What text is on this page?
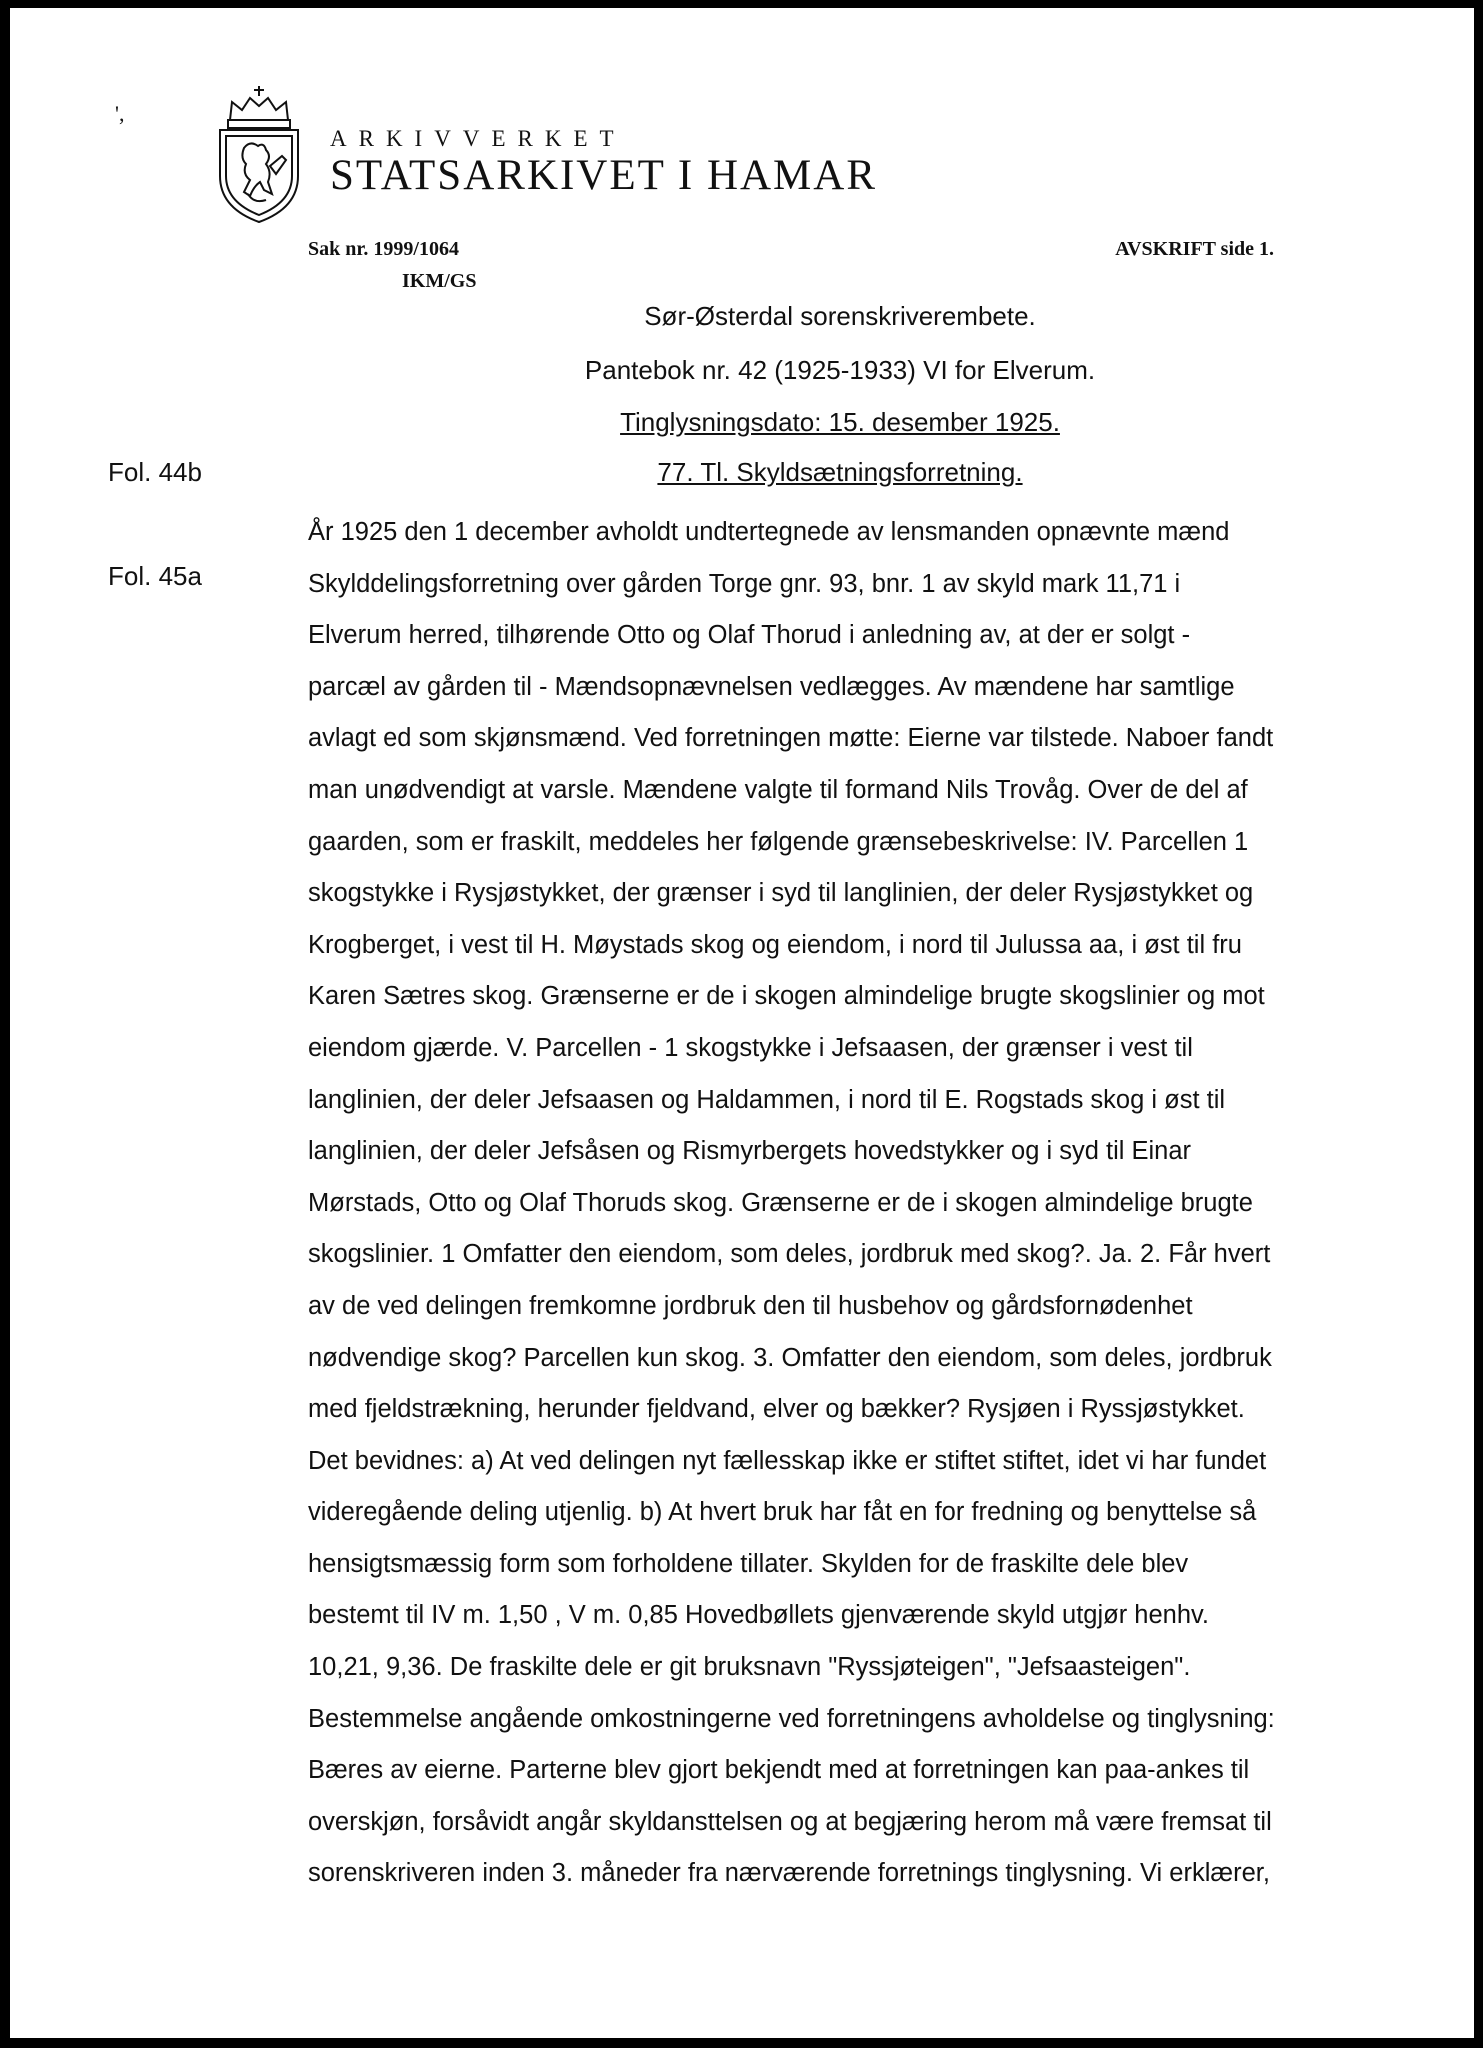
',
ARKIVVERKET
STATSARKIVET I HAMAR
Sak nr. 1999/1064
IKM/GS
AVSKRIFT side 1.
Sør-Østerdal sorenskriverembete.
Pantebok nr. 42 (1925-1933) VI for Elverum.
Tinglysningsdato: 15. desember 1925.
77. Tl. Skyldsætningsforretning.
Fol. 44b
Fol. 45a
År 1925 den 1 december avholdt undtertegnede av lensmanden opnævnte mænd
Skylddelingsforretning over gården Torge gnr. 93, bnr. 1 av skyld mark 11,71 i
Elverum herred, tilhørende Otto og Olaf Thorud i anledning av, at der er solgt -
parcæl av gården til - Mændsopnævnelsen vedlægges. Av mændene har samtlige
avlagt ed som skjønsmænd. Ved forretningen møtte: Eierne var tilstede. Naboer fandt
man unødvendigt at varsle. Mændene valgte til formand Nils Trovåg. Over de del af
gaarden, som er fraskilt, meddeles her følgende grænsebeskrivelse: IV. Parcellen 1
skogstykke i Rysjøstykket, der grænser i syd til langlinien, der deler Rysjøstykket og
Krogberget, i vest til H. Møystads skog og eiendom, i nord til Julussa aa, i øst til fru
Karen Sætres skog. Grænserne er de i skogen almindelige brugte skogslinier og mot
eiendom gjærde. V. Parcellen - 1 skogstykke i Jefsaasen, der grænser i vest til
langlinien, der deler Jefsaasen og Haldammen, i nord til E. Rogstads skog i øst til
langlinien, der deler Jefsåsen og Rismyrbergets hovedstykker og i syd til Einar
Mørstads, Otto og Olaf Thoruds skog. Grænserne er de i skogen almindelige brugte
skogslinier. 1 Omfatter den eiendom, som deles, jordbruk med skog?. Ja. 2. Får hvert
av de ved delingen fremkomne jordbruk den til husbehov og gårdsfornødenhet
nødvendige skog? Parcellen kun skog. 3. Omfatter den eiendom, som deles, jordbruk
med fjeldstrækning, herunder fjeldvand, elver og bækker? Rysjøen i Ryssjøstykket.
Det bevidnes: a) At ved delingen nyt fællesskap ikke er stiftet stiftet, idet vi har fundet
videregående deling utjenlig. b) At hvert bruk har fåt en for fredning og benyttelse så
hensigtsmæssig form som forholdene tillater. Skylden for de fraskilte dele blev
bestemt til IV m. 1,50 , V m. 0,85 Hovedbøllets gjenværende skyld utgjør henhv.
10,21, 9,36. De fraskilte dele er git bruksnavn "Ryssjøteigen", "Jefsaasteigen".
Bestemmelse angående omkostningerne ved forretningens avholdelse og tinglysning:
Bæres av eierne. Parterne blev gjort bekjendt med at forretningen kan paa-ankes til
overskjøn, forsåvidt angår skyldansttelsen og at begjæring herom må være fremsat til
sorenskriveren inden 3. måneder fra nærværende forretnings tinglysning. Vi erklærer,
